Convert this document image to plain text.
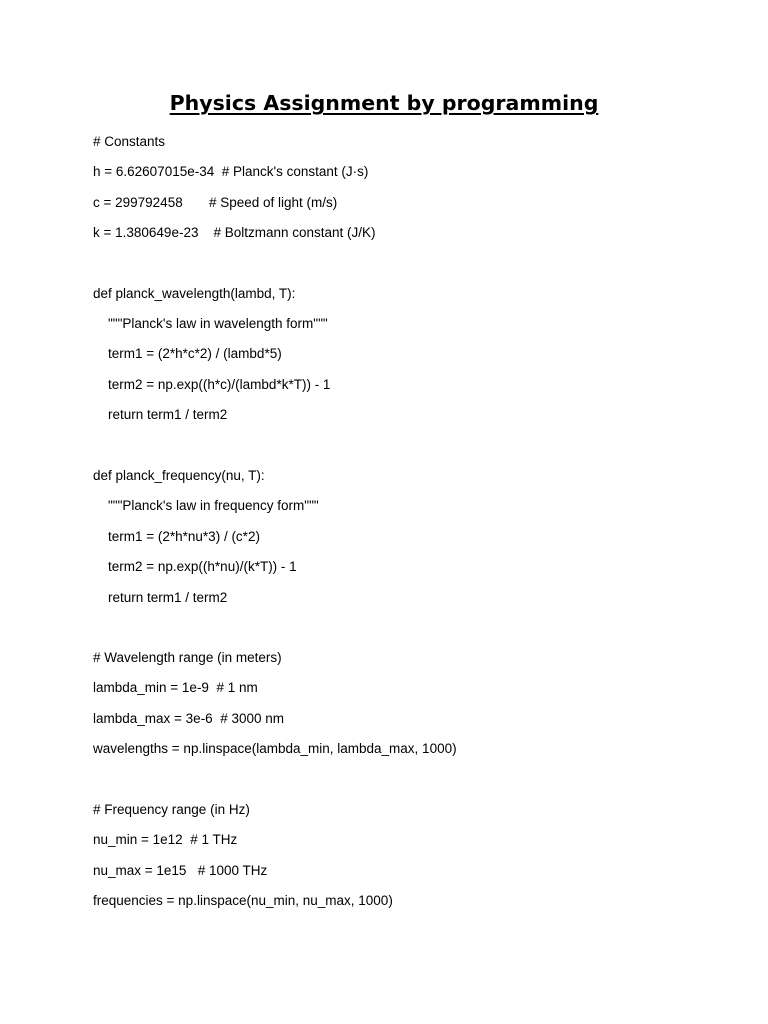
Physics Assignment by programming
# Constants
h = 6.62607015e-34  # Planck's constant (J·s)
c = 299792458       # Speed of light (m/s)
k = 1.380649e-23    # Boltzmann constant (J/K)
def planck_wavelength(lambd, T):
"""Planck's law in wavelength form"""
term1 = (2*h*c*2) / (lambd*5)
term2 = np.exp((h*c)/(lambd*k*T)) - 1
return term1 / term2
def planck_frequency(nu, T):
"""Planck's law in frequency form"""
term1 = (2*h*nu*3) / (c*2)
term2 = np.exp((h*nu)/(k*T)) - 1
return term1 / term2
# Wavelength range (in meters)
lambda_min = 1e-9  # 1 nm
lambda_max = 3e-6  # 3000 nm
wavelengths = np.linspace(lambda_min, lambda_max, 1000)
# Frequency range (in Hz)
nu_min = 1e12  # 1 THz
nu_max = 1e15   # 1000 THz
frequencies = np.linspace(nu_min, nu_max, 1000)
